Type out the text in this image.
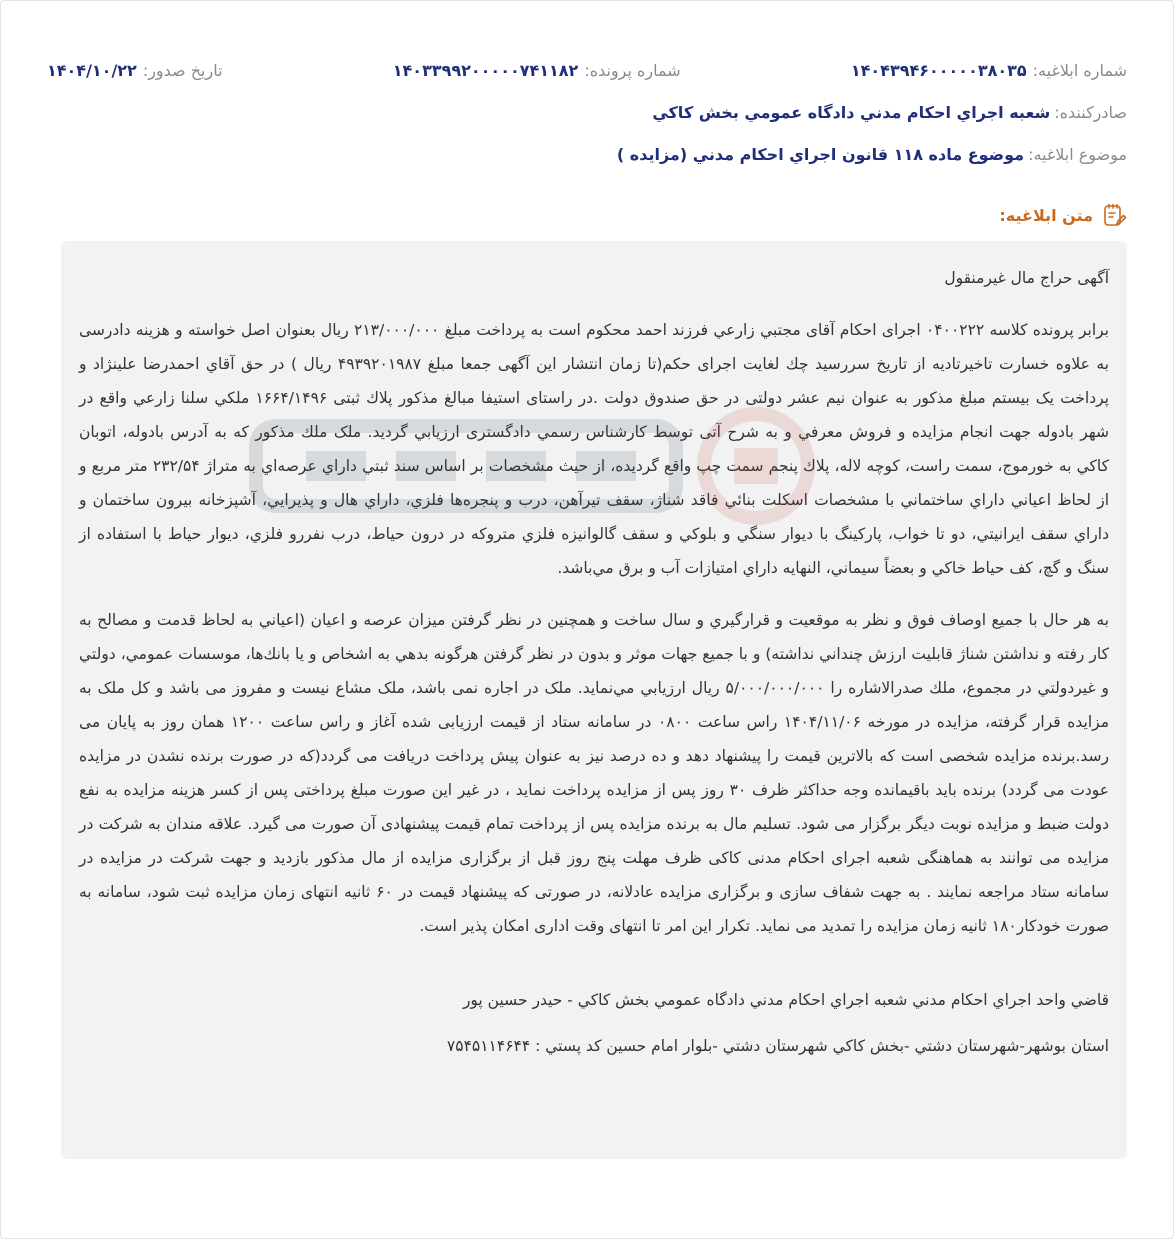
شماره ابلاغیه:
۱۴۰۴۳۹۴۶۰۰۰۰۰۳۸۰۳۵
شماره پرونده:
۱۴۰۳۳۹۹۲۰۰۰۰۰۷۴۱۱۸۲
تاریخ صدور:
۱۴۰۴/۱۰/۲۲
صادرکننده:
شعبه اجراي احكام مدني دادگاه عمومي بخش كاكي
موضوع ابلاغیه:
موضوع ماده ۱۱۸ قانون اجراي احكام مدني (مزايده )
متن ابلاغیه:

آگهی حراج مال غیرمنقول

برابر پرونده كلاسه ۰۴۰۰۲۲۲ اجرای احکام آقای مجتبي زارعي فرزند احمد محكوم است به پرداخت مبلغ ۲۱۳/۰۰۰/۰۰۰ ريال بعنوان اصل خواسته و هزينه دادرسی به علاوه خسارت تاخیرتادیه از تاریخ سررسید چك لغایت اجرای حکم(تا زمان انتشار این آگهی جمعا مبلغ ۴۹۳۹۲۰۱۹۸۷ ریال ) در حق آقاي احمدرضا علينژاد و پرداخت يک بيستم مبلغ مذكور به عنوان نيم عشر دولتی در حق صندوق دولت .در راستای استیفا مبالغ مذکور پلاك ثبتی ۱۶۶۴/۱۴۹۶ ملكي سلنا زارعي واقع در شهر بادوله جهت انجام مزايده و فروش معرفي و به شرح آتی توسط كارشناس رسمي دادگستری ارزيابي گرديد. ملک ملك مذكور كه به آدرس بادوله، اتوبان كاكي به خورموج، سمت راست، كوچه لاله، پلاك پنجم سمت چپ واقع گرديده، از حيث مشخصات بر اساس سند ثبتي داراي عرصه‌اي به متراژ ۲۳۲/۵۴ متر مربع و از لحاظ اعياني داراي ساختماني با مشخصات اسكلت بنائي فاقد شناژ، سقف تيرآهن، درب و پنجره‌ها فلزي، داراي هال و پذيرايي، آشپزخانه بيرون ساختمان و داراي سقف ايرانيتي، دو تا خواب، پاركينگ با ديوار سنگي و بلوكي و سقف گالوانيزه فلزي متروكه در درون حياط، درب نفررو فلزي، ديوار حياط با استفاده از سنگ و گچ، كف حياط خاكي و بعضاً سيماني، النهايه داراي امتيازات آب و برق مي‌باشد.

به هر حال با جميع اوصاف فوق و نظر به موقعيت و قرارگيري و سال ساخت و همچنين در نظر گرفتن ميزان عرصه و اعيان (اعياني به لحاظ قدمت و مصالح به كار رفته و نداشتن شناژ قابليت ارزش چنداني نداشته) و با جميع جهات موثر و بدون در نظر گرفتن هرگونه بدهي به اشخاص و يا بانك‌ها، موسسات عمومي، دولتي و غيردولتي در مجموع، ملك صدرالاشاره را ۵/۰۰۰/۰۰۰/۰۰۰ ريال ارزيابي مي‌نمايد. ملک در اجاره نمی باشد، ملک مشاع نیست و مفروز می باشد و کل ملک به مزایده قرار گرفته، مزایده در مورخه ۱۴۰۴/۱۱/۰۶ راس ساعت ۰۸۰۰ در سامانه ستاد از قیمت ارزیابی شده آغاز و راس ساعت ۱۲۰۰ همان روز به پایان می رسد.برنده مزایده شخصی است که بالاترین قیمت را پیشنهاد دهد و ده درصد نیز به عنوان پیش پرداخت دریافت می گردد(که در صورت برنده نشدن در مزایده عودت می گردد) برنده باید باقیمانده وجه حداکثر ظرف ۳۰ روز پس از مزایده پرداخت نماید ، در غیر این صورت مبلغ پرداختی پس از کسر هزینه مزایده به نفع دولت ضبط و مزایده نوبت دیگر برگزار می شود. تسلیم مال به برنده مزایده پس از پرداخت تمام قیمت پیشنهادی آن صورت می گیرد. علاقه مندان به شرکت در مزایده می توانند به هماهنگی شعبه اجرای احکام مدنی کاکی ظرف مهلت پنج روز قبل از برگزاری مزایده از مال مذکور بازدید و جهت شرکت در مزایده در سامانه ستاد مراجعه نمایند . به جهت شفاف سازی و برگزاری مزایده عادلانه، در صورتی که پیشنهاد قیمت در ۶۰ ثانیه انتهای زمان مزایده ثبت شود، سامانه به صورت خودکار۱۸۰ ثانیه زمان مزایده را تمدید می نماید. تکرار این امر تا انتهای وقت اداری امکان پذیر است.

قاضي واحد اجراي احكام مدني شعبه اجراي احكام مدني دادگاه عمومي بخش كاكي - حيدر حسين پور

استان بوشهر-شهرستان دشتي -بخش كاكي شهرستان دشتي -بلوار امام حسين كد پستي : ۷۵۴۵۱۱۴۶۴۴
